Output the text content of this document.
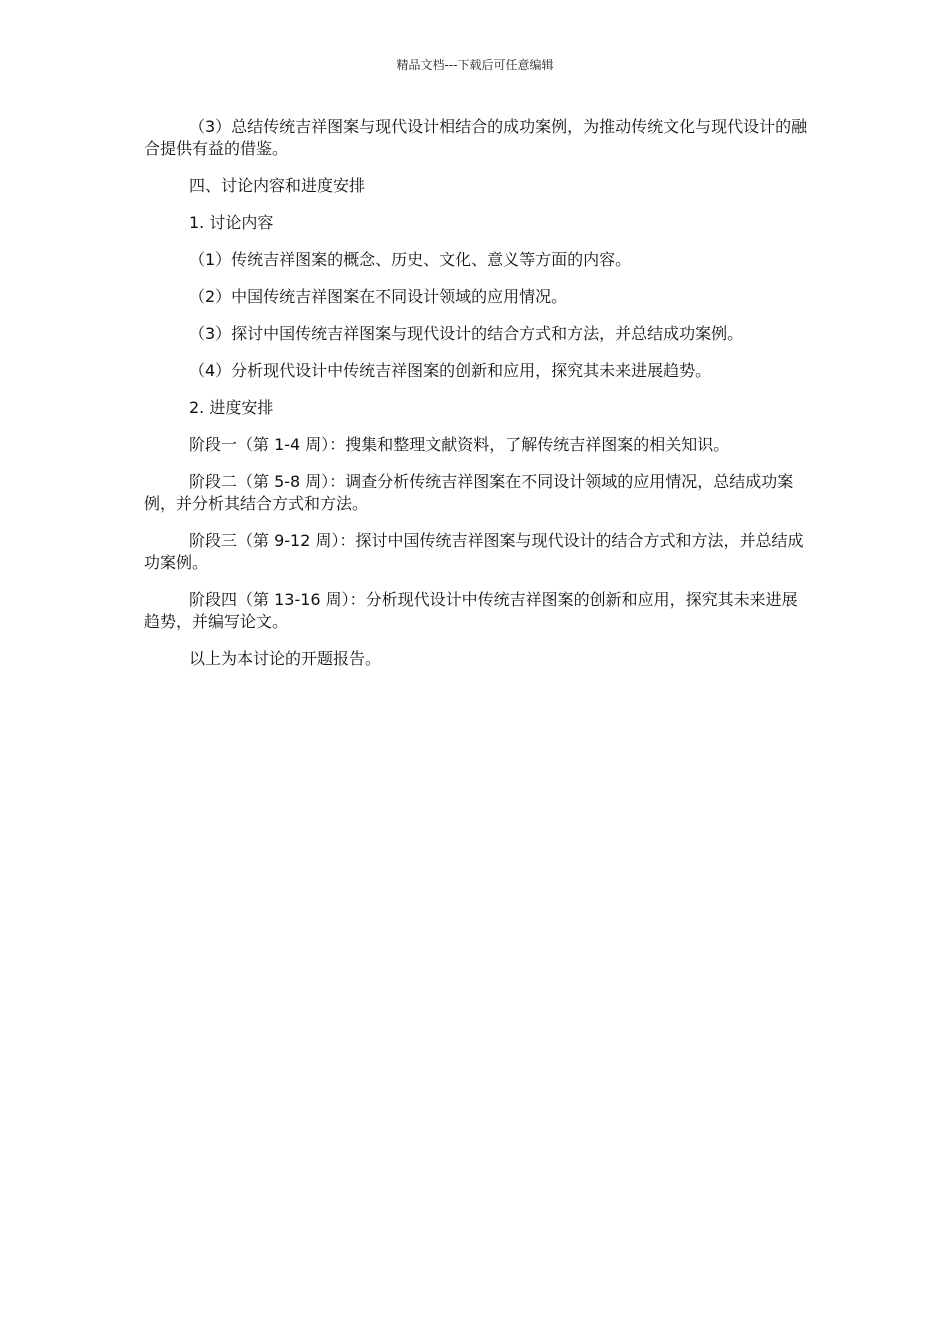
精品文档---下载后可任意编辑

（3）总结传统吉祥图案与现代设计相结合的成功案例，为推动传统文化与现代设计的融合提供有益的借鉴。

四、讨论内容和进度安排

1. 讨论内容

（1）传统吉祥图案的概念、历史、文化、意义等方面的内容。

（2）中国传统吉祥图案在不同设计领域的应用情况。

（3）探讨中国传统吉祥图案与现代设计的结合方式和方法，并总结成功案例。

（4）分析现代设计中传统吉祥图案的创新和应用，探究其未来进展趋势。

2. 进度安排

阶段一（第 1-4 周）：搜集和整理文献资料，了解传统吉祥图案的相关知识。

阶段二（第 5-8 周）：调查分析传统吉祥图案在不同设计领域的应用情况，总结成功案例，并分析其结合方式和方法。

阶段三（第 9-12 周）：探讨中国传统吉祥图案与现代设计的结合方式和方法，并总结成功案例。

阶段四（第 13-16 周）：分析现代设计中传统吉祥图案的创新和应用，探究其未来进展趋势，并编写论文。

以上为本讨论的开题报告。
